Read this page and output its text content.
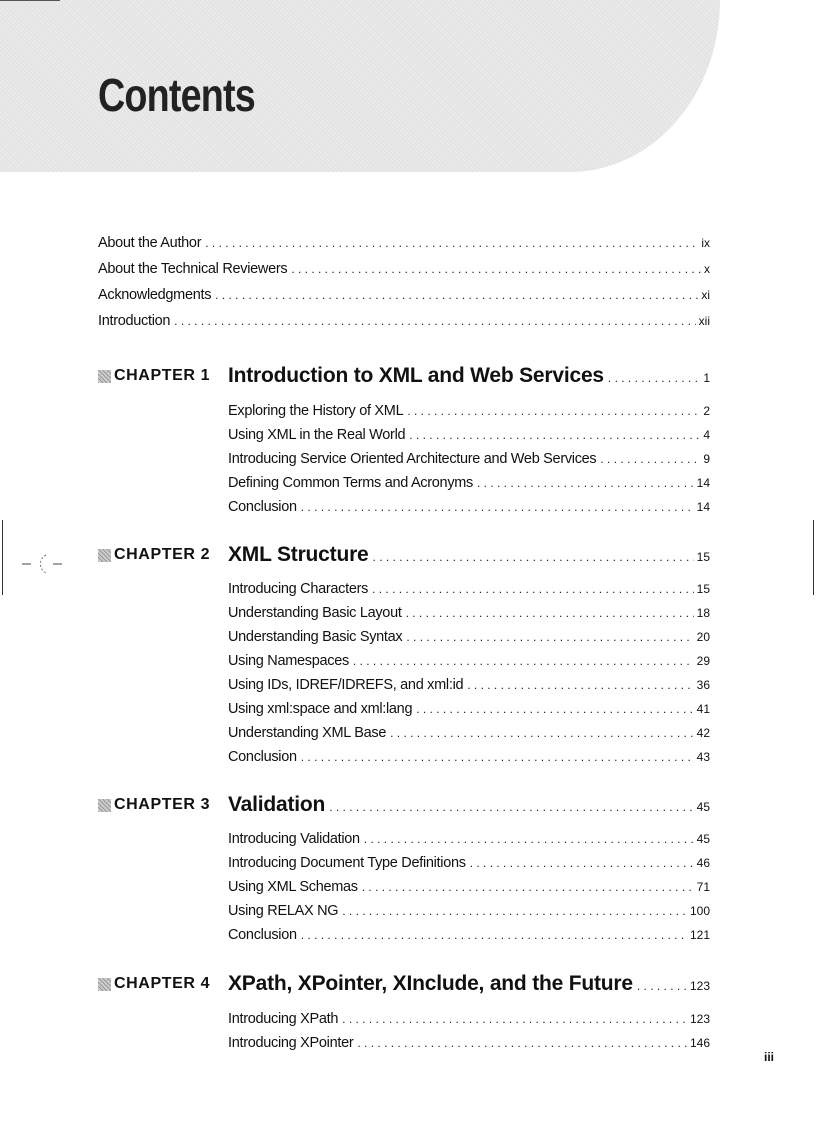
Contents
About the Author . . .	ix
About the Technical Reviewers . . .	x
Acknowledgments . . .	xi
Introduction . . .	xii
CHAPTER 1 Introduction to XML and Web Services . . .	1
Exploring the History of XML . . .	2
Using XML in the Real World . . .	4
Introducing Service Oriented Architecture and Web Services . . .	9
Defining Common Terms and Acronyms . . .	14
Conclusion . . .	14
CHAPTER 2 XML Structure . . .	15
Introducing Characters . . .	15
Understanding Basic Layout . . .	18
Understanding Basic Syntax . . .	20
Using Namespaces . . .	29
Using IDs, IDREF/IDREFS, and xml:id . . .	36
Using xml:space and xml:lang . . .	41
Understanding XML Base . . .	42
Conclusion . . .	43
CHAPTER 3 Validation . . .	45
Introducing Validation . . .	45
Introducing Document Type Definitions . . .	46
Using XML Schemas . . .	71
Using RELAX NG . . .	100
Conclusion . . .	121
CHAPTER 4 XPath, XPointer, XInclude, and the Future . . .	123
Introducing XPath . . .	123
Introducing XPointer . . .	146
iii
